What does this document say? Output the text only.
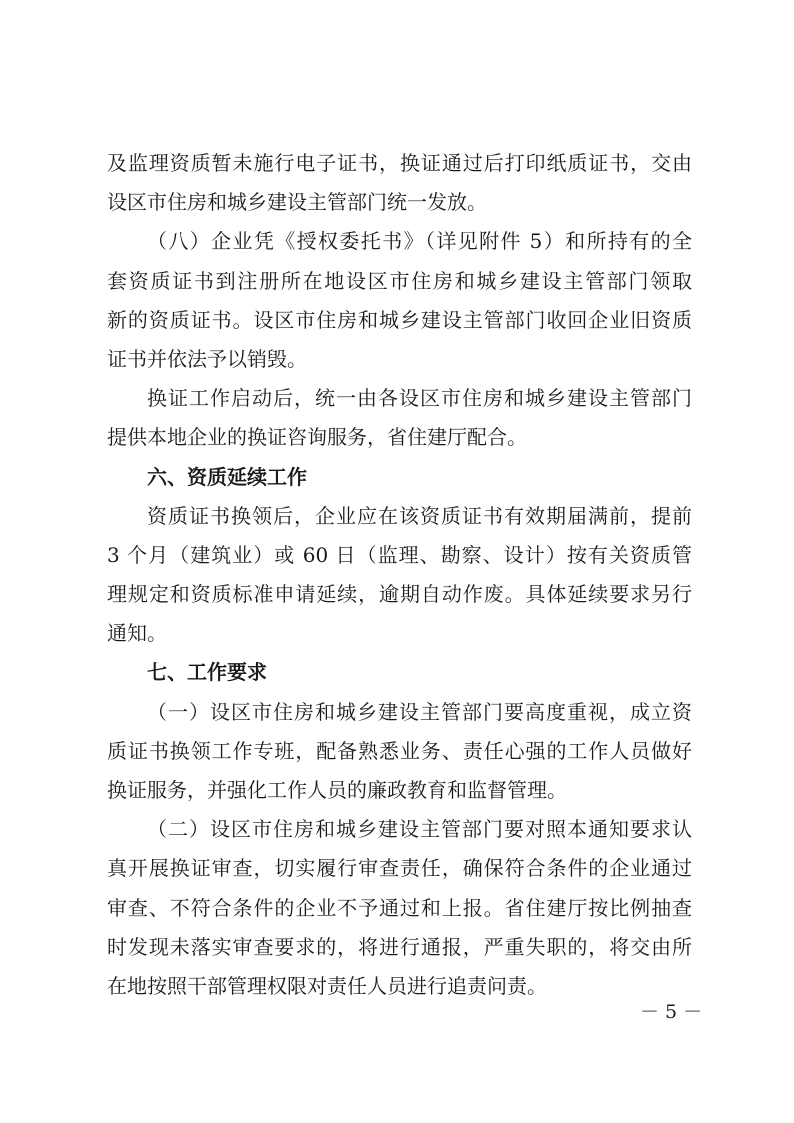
及监理资质暂未施行电子证书，换证通过后打印纸质证书，交由
设区市住房和城乡建设主管部门统一发放。
（八）企业凭《授权委托书》（详见附件 5）和所持有的全
套资质证书到注册所在地设区市住房和城乡建设主管部门领取
新的资质证书。设区市住房和城乡建设主管部门收回企业旧资质
证书并依法予以销毁。
换证工作启动后，统一由各设区市住房和城乡建设主管部门
提供本地企业的换证咨询服务，省住建厅配合。
六、资质延续工作
资质证书换领后，企业应在该资质证书有效期届满前，提前
3 个月（建筑业）或 60 日（监理、勘察、设计）按有关资质管
理规定和资质标准申请延续，逾期自动作废。具体延续要求另行
通知。
七、工作要求
（一）设区市住房和城乡建设主管部门要高度重视，成立资
质证书换领工作专班，配备熟悉业务、责任心强的工作人员做好
换证服务，并强化工作人员的廉政教育和监督管理。
（二）设区市住房和城乡建设主管部门要对照本通知要求认
真开展换证审查，切实履行审查责任，确保符合条件的企业通过
审查、不符合条件的企业不予通过和上报。省住建厅按比例抽查
时发现未落实审查要求的，将进行通报，严重失职的，将交由所
在地按照干部管理权限对责任人员进行追责问责。
－ 5 －
